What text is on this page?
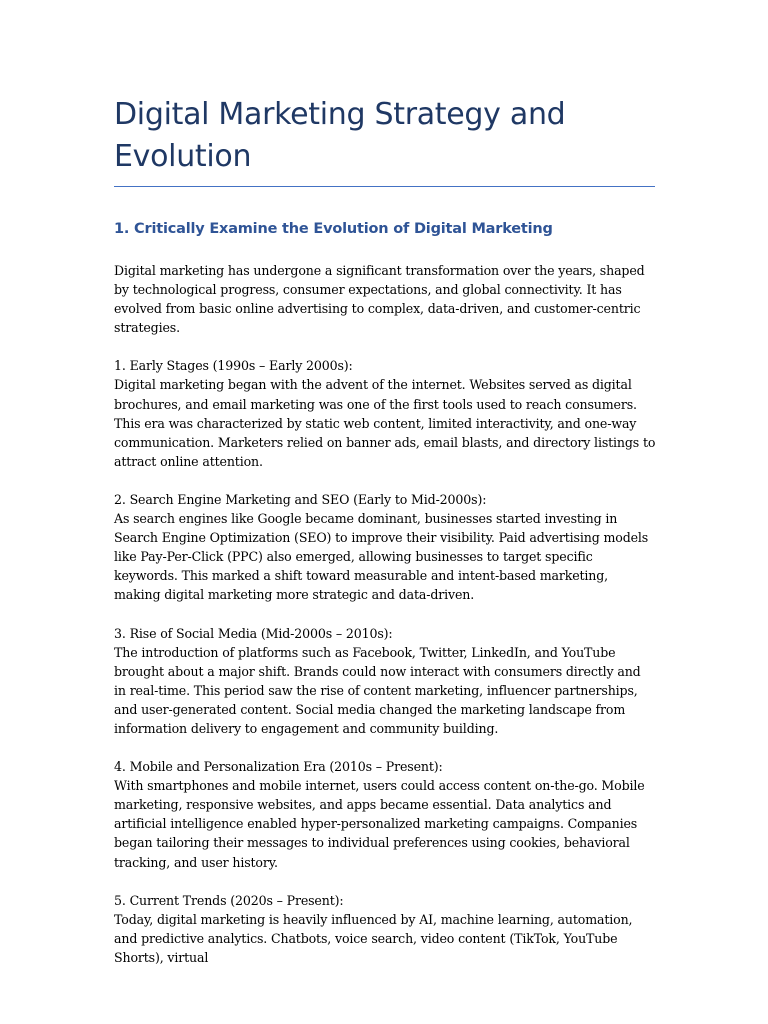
Digital Marketing Strategy and Evolution
1. Critically Examine the Evolution of Digital Marketing

Digital marketing has undergone a significant transformation over the years, shaped by technological progress, consumer expectations, and global connectivity. It has evolved from basic online advertising to complex, data-driven, and customer-centric strategies.

1. Early Stages (1990s – Early 2000s):
Digital marketing began with the advent of the internet. Websites served as digital brochures, and email marketing was one of the first tools used to reach consumers. This era was characterized by static web content, limited interactivity, and one-way communication. Marketers relied on banner ads, email blasts, and directory listings to attract online attention.
2. Search Engine Marketing and SEO (Early to Mid-2000s):
As search engines like Google became dominant, businesses started investing in Search Engine Optimization (SEO) to improve their visibility. Paid advertising models like Pay-Per-Click (PPC) also emerged, allowing businesses to target specific keywords. This marked a shift toward measurable and intent-based marketing, making digital marketing more strategic and data-driven.
3. Rise of Social Media (Mid-2000s – 2010s):
The introduction of platforms such as Facebook, Twitter, LinkedIn, and YouTube brought about a major shift. Brands could now interact with consumers directly and in real-time. This period saw the rise of content marketing, influencer partnerships, and user-generated content. Social media changed the marketing landscape from information delivery to engagement and community building.
4. Mobile and Personalization Era (2010s – Present):
With smartphones and mobile internet, users could access content on-the-go. Mobile marketing, responsive websites, and apps became essential. Data analytics and artificial intelligence enabled hyper-personalized marketing campaigns. Companies began tailoring their messages to individual preferences using cookies, behavioral tracking, and user history.
5. Current Trends (2020s – Present):
Today, digital marketing is heavily influenced by AI, machine learning, automation, and predictive analytics. Chatbots, voice search, video content (TikTok, YouTube Shorts), virtual
